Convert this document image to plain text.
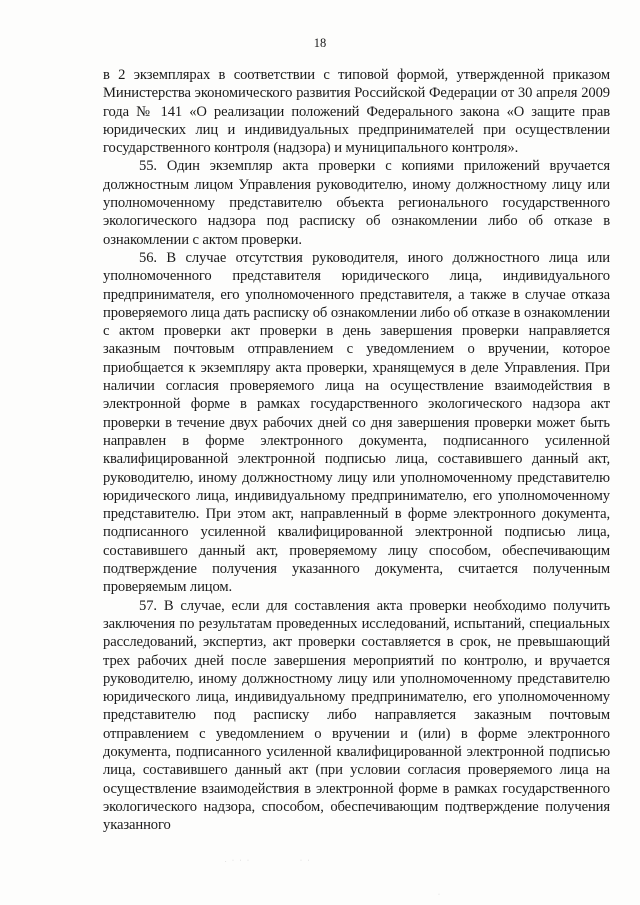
18

в 2 экземплярах в соответствии с типовой формой, утвержденной приказом Министерства экономического развития Российской Федерации от 30 апреля 2009 года № 141 «О реализации положений Федерального закона «О защите прав юридических лиц и индивидуальных предпринимателей при осуществлении государственного контроля (надзора) и муниципального контроля».

55. Один экземпляр акта проверки с копиями приложений вручается должностным лицом Управления руководителю, иному должностному лицу или уполномоченному представителю объекта регионального государственного экологического надзора под расписку об ознакомлении либо об отказе в ознакомлении с актом проверки.

56. В случае отсутствия руководителя, иного должностного лица или уполномоченного представителя юридического лица, индивидуального предпринимателя, его уполномоченного представителя, а также в случае отказа проверяемого лица дать расписку об ознакомлении либо об отказе в ознакомлении с актом проверки акт проверки в день завершения проверки направляется заказным почтовым отправлением с уведомлением о вручении, которое приобщается к экземпляру акта проверки, хранящемуся в деле Управления. При наличии согласия проверяемого лица на осуществление взаимодействия в электронной форме в рамках государственного экологического надзора акт проверки в течение двух рабочих дней со дня завершения проверки может быть направлен в форме электронного документа, подписанного усиленной квалифицированной электронной подписью лица, составившего данный акт, руководителю, иному должностному лицу или уполномоченному представителю юридического лица, индивидуальному предпринимателю, его уполномоченному представителю. При этом акт, направленный в форме электронного документа, подписанного усиленной квалифицированной электронной подписью лица, составившего данный акт, проверяемому лицу способом, обеспечивающим подтверждение получения указанного документа, считается полученным проверяемым лицом.

57. В случае, если для составления акта проверки необходимо получить заключения по результатам проведенных исследований, испытаний, специальных расследований, экспертиз, акт проверки составляется в срок, не превышающий трех рабочих дней после завершения мероприятий по контролю, и вручается руководителю, иному должностному лицу или уполномоченному представителю юридического лица, индивидуальному предпринимателю, его уполномоченному представителю под расписку либо направляется заказным почтовым отправлением с уведомлением о вручении и (или) в форме электронного документа, подписанного усиленной квалифицированной электронной подписью лица, составившего данный акт (при условии согласия проверяемого лица на осуществление взаимодействия в электронной форме в рамках государственного экологического надзора, способом, обеспечивающим подтверждение получения указанного

. · · ·	· ·
·
